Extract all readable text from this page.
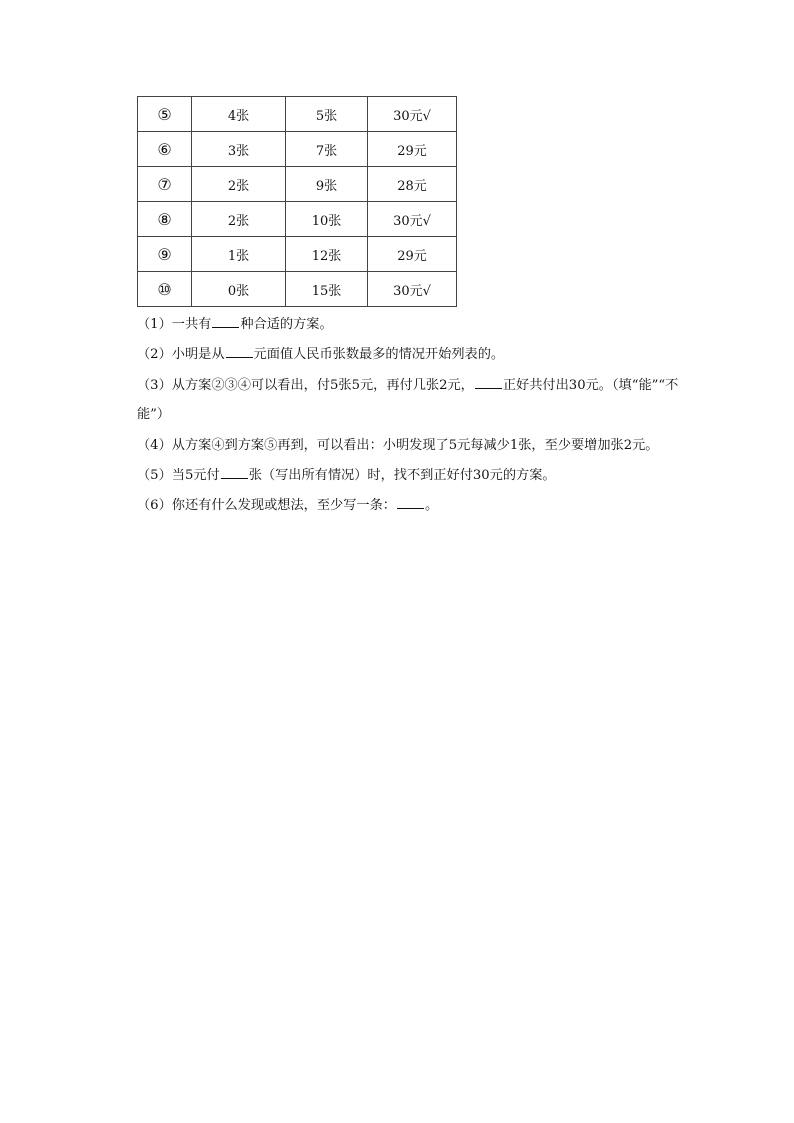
⑤	4张	5张	30元√
⑥	3张	7张	29元
⑦	2张	9张	28元
⑧	2张	10张	30元√
⑨	1张	12张	29元
⑩	0张	15张	30元√

（1）一共有 种合适的方案。

（2）小明是从 元面值人民币张数最多的情况开始列表的。

（3）从方案②③④可以看出，付5张5元，再付几张2元， 正好共付出30元。（填“能”“不能”）

（4）从方案④到方案⑤再到，可以看出：小明发现了5元每减少1张，至少要增加张2元。

（5）当5元付 张（写出所有情况）时，找不到正好付30元的方案。

（6）你还有什么发现或想法，至少写一条： 。
